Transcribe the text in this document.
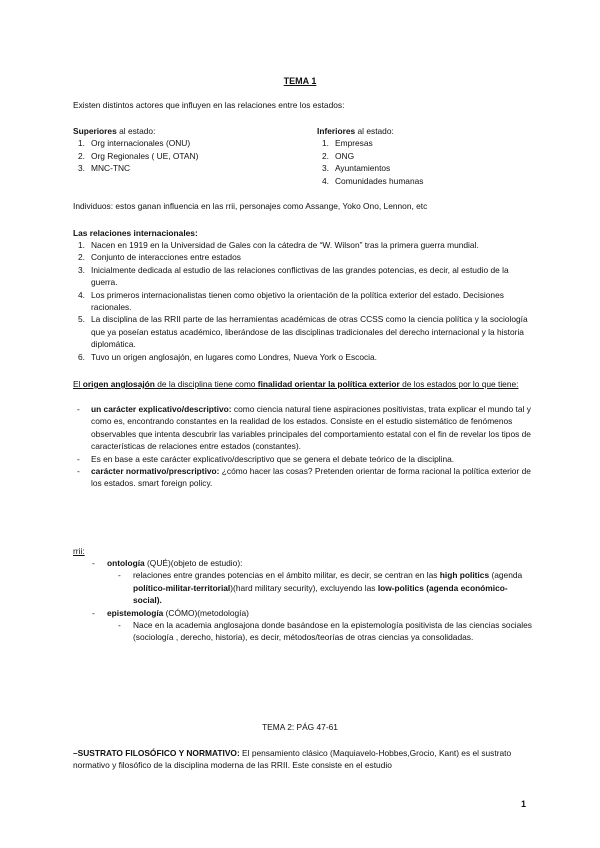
TEMA 1

Existen distintos actores que influyen en las relaciones entre los estados:

Superiores al estado:

1. Org internacionales (ONU)
2. Org Regionales ( UE, OTAN)
3. MNC-TNC

Inferiores al estado:

1. Empresas
2. ONG
3. Ayuntamientos
4. Comunidades humanas

Individuos: estos ganan influencia en las rrii, personajes como Assange, Yoko Ono, Lennon, etc

Las relaciones internacionales:

1. Nacen en 1919 en la Universidad de Gales con la cátedra de “W. Wilson” tras la primera guerra mundial.
2. Conjunto de interacciones entre estados
3. Inicialmente dedicada al estudio de las relaciones conflictivas de las grandes potencias, es decir, al estudio de la guerra.
4. Los primeros internacionalistas tienen como objetivo la orientación de la política exterior del estado. Decisiones racionales.
5. La disciplina de las RRII parte de las herramientas académicas de otras CCSS como la ciencia política y la sociología que ya poseían estatus académico, liberándose de las disciplinas tradicionales del derecho internacional y la historia diplomática.
6. Tuvo un origen anglosajón, en lugares como Londres, Nueva York o Escocia.

El origen anglosajón de la disciplina tiene como finalidad orientar la política exterior de los estados por lo que tiene:

- un carácter explicativo/descriptivo: como ciencia natural tiene aspiraciones positivistas, trata explicar el mundo tal y como es, encontrando constantes en la realidad de los estados. Consiste en el estudio sistemático de fenómenos observables que intenta descubrir las variables principales del comportamiento estatal con el fin de revelar los tipos de características de relaciones entre estados (constantes).
- Es en base a este carácter explicativo/descriptivo que se genera el debate teórico de la disciplina.
- carácter normativo/prescriptivo: ¿cómo hacer las cosas? Pretenden orientar de forma racional la política exterior de los estados. smart foreign policy.

rrii:

- ontología (QUÉ)(objeto de estudio):
- relaciones entre grandes potencias en el ámbito militar, es decir, se centran en las high politics (agenda político-militar-territorial)(hard military security), excluyendo las low-politics (agenda económico-social).
- epistemología (CÓMO)(metodología)
- Nace en la academia anglosajona donde basándose en la epistemología positivista de las ciencias sociales (sociología , derecho, historia), es decir, métodos/teorías de otras ciencias ya consolidadas.

TEMA 2: PÁG 47-61

–SUSTRATO FILOSÓFICO Y NORMATIVO: El pensamiento clásico (Maquiavelo-Hobbes,Grocio, Kant) es el sustrato normativo y filosófico de la disciplina moderna de las RRII. Este consiste en el estudio

1
